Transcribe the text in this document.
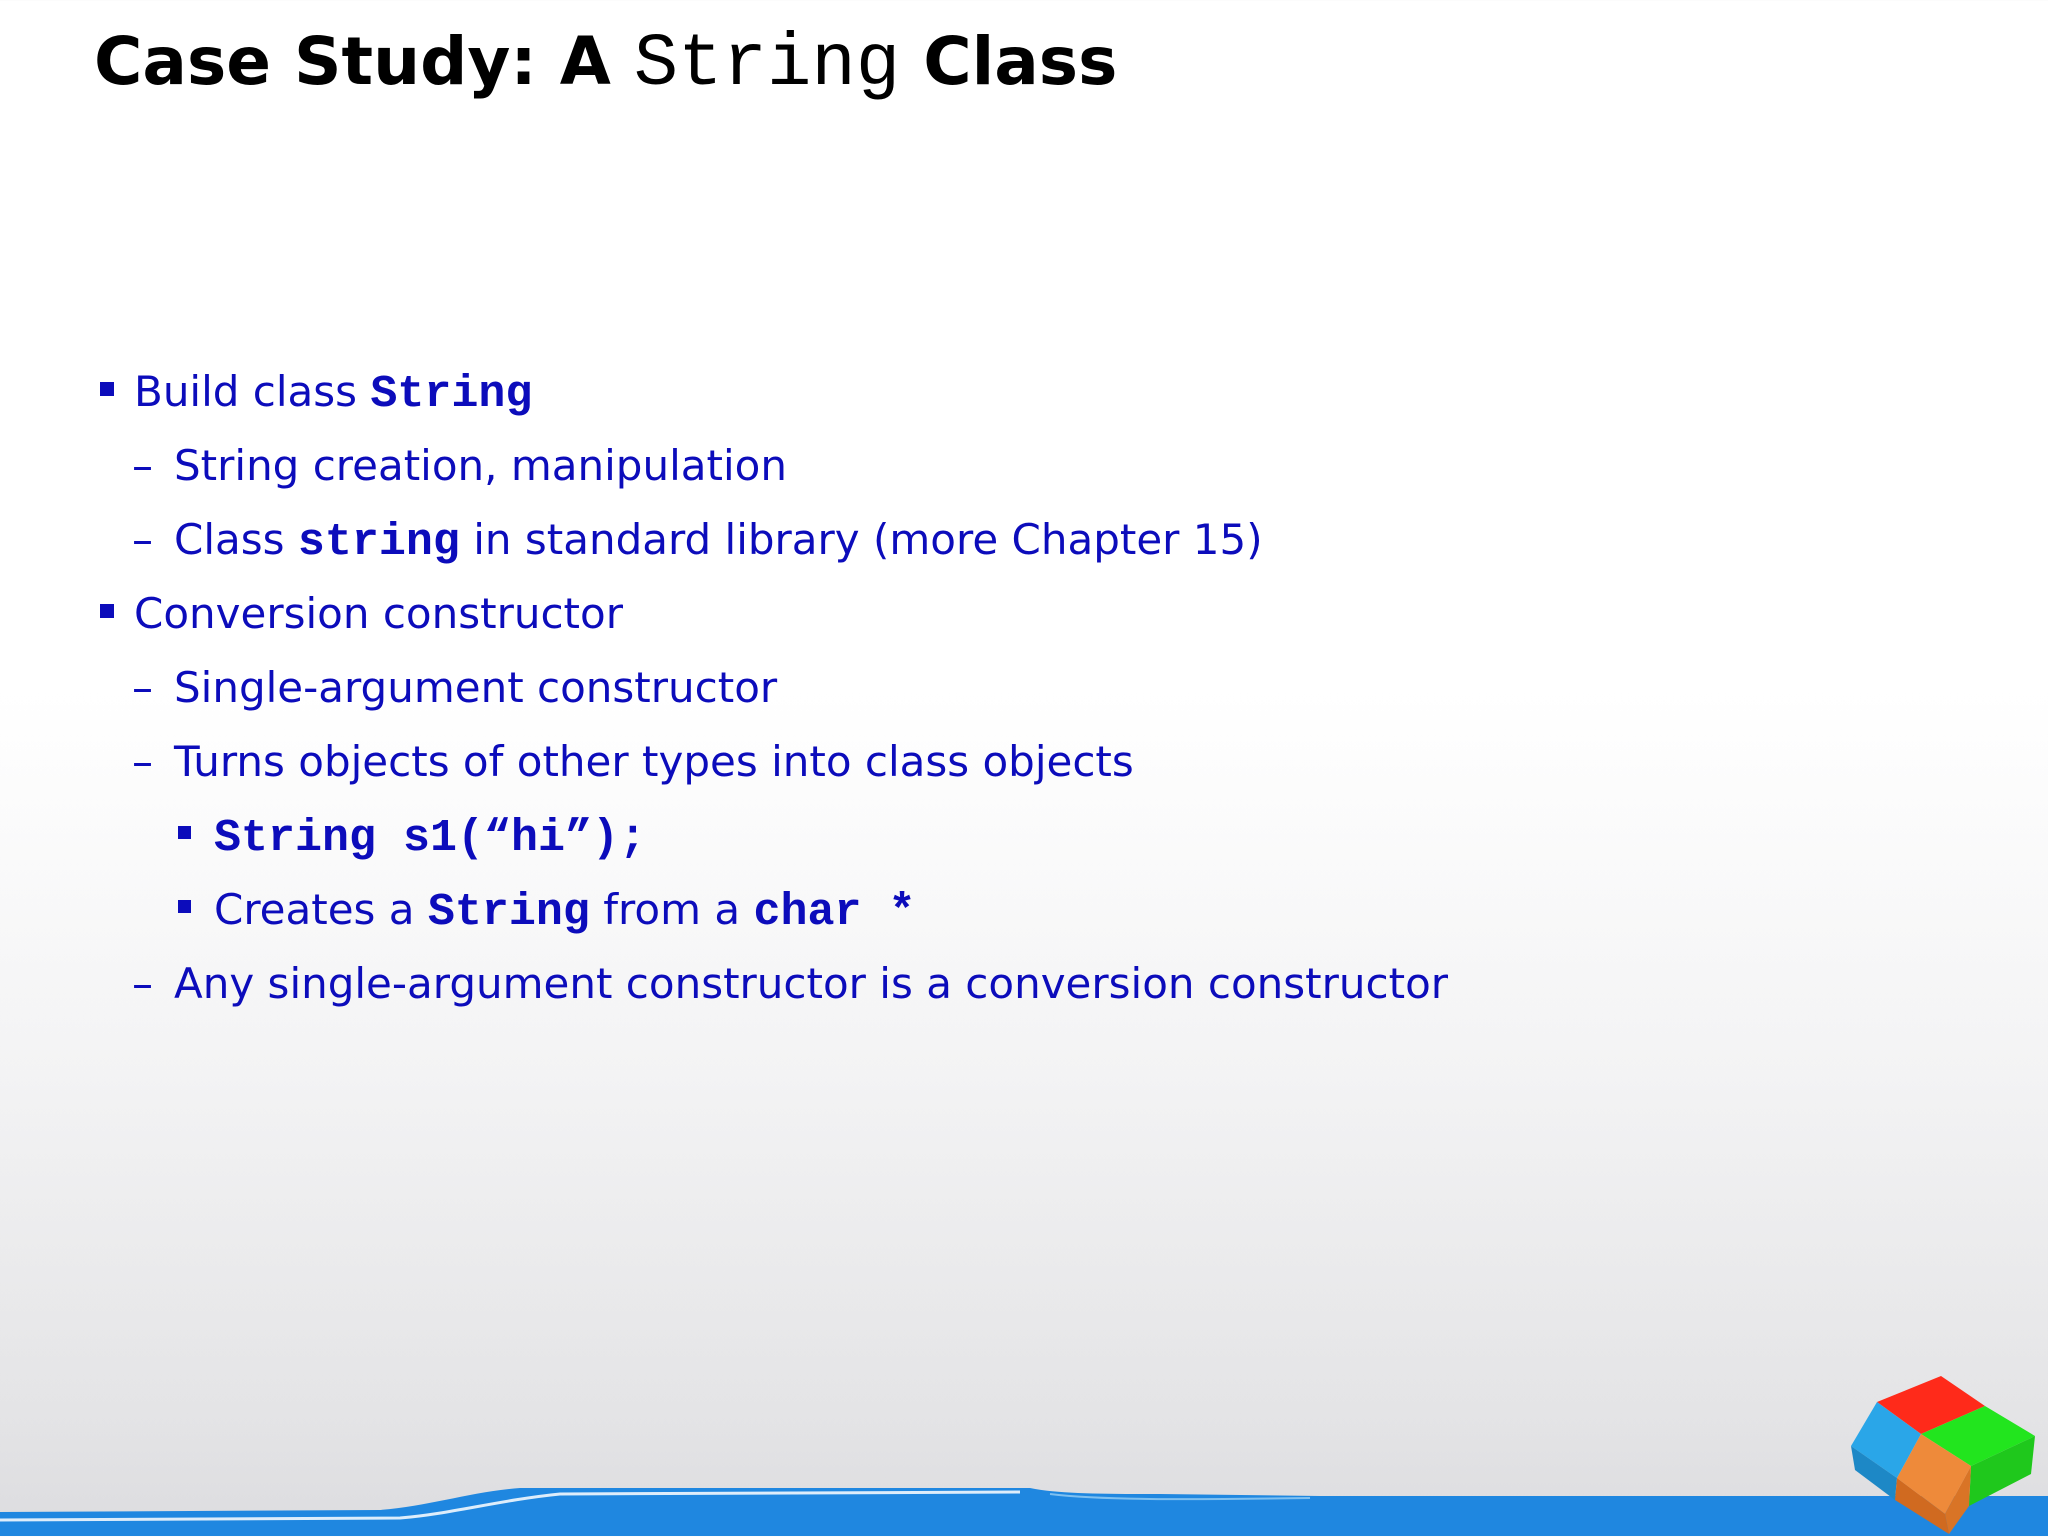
Case Study: A String Class
Build class String
– String creation, manipulation
– Class string in standard library (more Chapter 15)
Conversion constructor
– Single-argument constructor
– Turns objects of other types into class objects
String s1(“hi”);
Creates a String from a char *
– Any single-argument constructor is a conversion constructor
